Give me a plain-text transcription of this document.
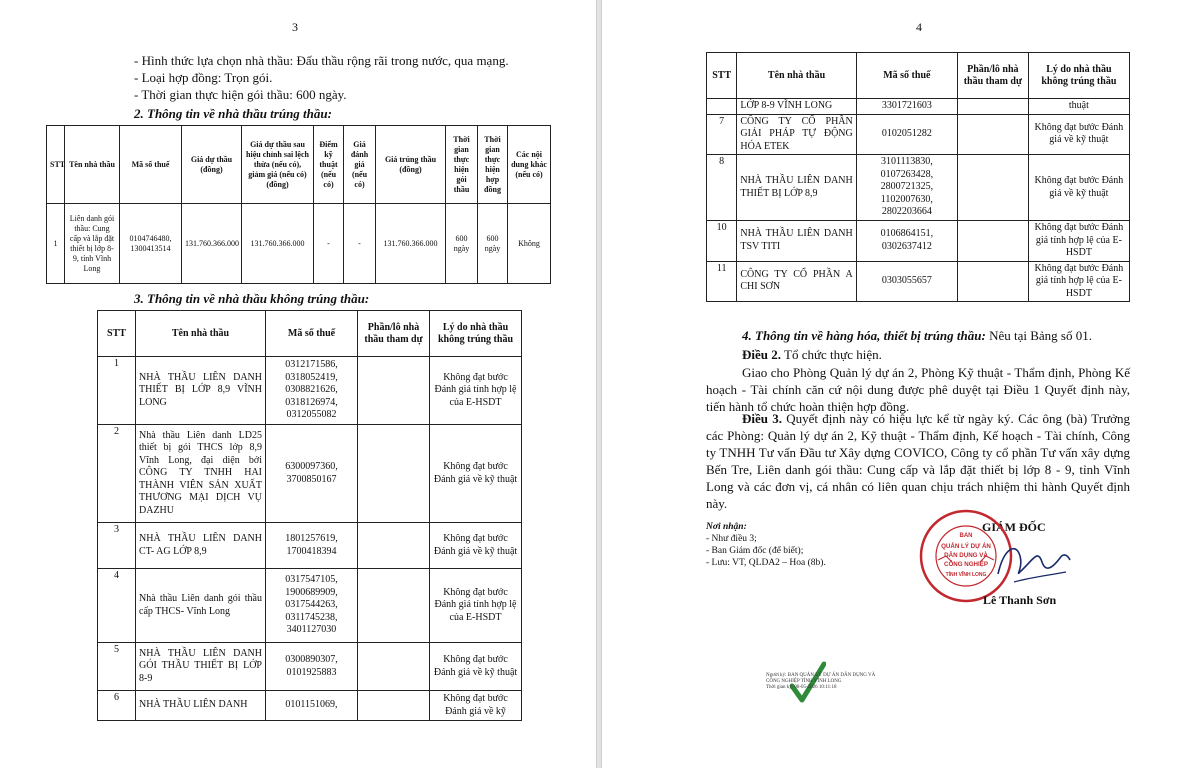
3
- Hình thức lựa chọn nhà thầu: Đấu thầu rộng rãi trong nước, qua mạng.
- Loại hợp đồng: Trọn gói.
- Thời gian thực hiện gói thầu: 600 ngày.
2. Thông tin về nhà thầu trúng thầu:
STT	Tên nhà thầu	Mã số thuế	Giá dự thầu (đồng)	Giá dự thầu sau hiệu chỉnh sai lệch thừa (nếu có), giảm giá (nếu có) (đồng)	Điểm kỹ thuật (nếu có)	Giá đánh giá (nếu có)	Giá trúng thầu (đồng)	Thời gian thực hiện gói thầu	Thời gian thực hiện hợp đồng	Các nội dung khác (nếu có)
1	Liên danh gói thầu: Cung cấp và lắp đặt thiết bị lớp 8- 9, tỉnh Vĩnh Long	0104746480, 1300413514	131.760.366.000	131.760.366.000	-	-	131.760.366.000	600 ngày	600 ngày	Không
3. Thông tin về nhà thầu không trúng thầu:
STT	Tên nhà thầu	Mã số thuế	Phần/lô nhà thầu tham dự	Lý do nhà thầu không trúng thầu
1	NHÀ THẦU LIÊN DANH THIẾT BỊ LỚP 8,9 VĨNH LONG	0312171586,
0318052419,
0308821626,
0318126974,
0312055082		Không đạt bước Đánh giá tính hợp lệ của E-HSDT
2	Nhà thầu Liên danh LD25 thiết bị gói THCS lớp 8,9 Vĩnh Long, đại diện bởi CÔNG TY TNHH HAI THÀNH VIÊN SẢN XUẤT THƯƠNG MẠI DỊCH VỤ DAZHU	6300097360,
3700850167		Không đạt bước Đánh giá về kỹ thuật
3	NHÀ THẦU LIÊN DANH CT- AG LỚP 8,9	1801257619,
1700418394		Không đạt bước Đánh giá về kỹ thuật
4	Nhà thầu Liên danh gói thầu cấp THCS- Vĩnh Long	0317547105,
1900689909,
0317544263,
0311745238,
3401127030		Không đạt bước Đánh giá tính hợp lệ của E-HSDT
5	NHÀ THẦU LIÊN DANH GÓI THẦU THIẾT BỊ LỚP 8-9	0300890307,
0101925883		Không đạt bước Đánh giá về kỹ thuật
6	NHÀ THẦU LIÊN DANH	0101151069,		Không đạt bước Đánh giá về kỹ
4
STT	Tên nhà thầu	Mã số thuế	Phần/lô nhà thầu tham dự	Lý do nhà thầu không trúng thầu
	LỚP 8-9 VĨNH LONG	3301721603		thuật
7	CÔNG TY CỔ PHẦN GIẢI PHÁP TỰ ĐỘNG HÓA ETEK	0102051282		Không đạt bước Đánh giá về kỹ thuật
8	NHÀ THẦU LIÊN DANH THIẾT BỊ LỚP 8,9	3101113830,
0107263428,
2800721325,
1102007630,
2802203664		Không đạt bước Đánh giá về kỹ thuật
10	NHÀ THẦU LIÊN DANH TSV TITI	0106864151,
0302637412		Không đạt bước Đánh giá tính hợp lệ của E-HSDT
11	CÔNG TY CỔ PHẦN A CHI SƠN	0303055657		Không đạt bước Đánh giá tính hợp lệ của E-HSDT
4. Thông tin về hàng hóa, thiết bị trúng thầu: Nêu tại Bảng số 01.
Điều 2. Tổ chức thực hiện.
Giao cho Phòng Quản lý dự án 2, Phòng Kỹ thuật - Thẩm định, Phòng Kế hoạch - Tài chính căn cứ nội dung được phê duyệt tại Điều 1 Quyết định này, tiến hành tổ chức hoàn thiện hợp đồng.
Điều 3. Quyết định này có hiệu lực kể từ ngày ký. Các ông (bà) Trưởng các Phòng: Quản lý dự án 2, Kỹ thuật - Thẩm định, Kế hoạch - Tài chính, Công ty TNHH Tư vấn Đầu tư Xây dựng COVICO, Công ty cổ phần Tư vấn xây dựng Bến Tre, Liên danh gói thầu: Cung cấp và lắp đặt thiết bị lớp 8 - 9, tỉnh Vĩnh Long và các đơn vị, cá nhân có liên quan chịu trách nhiệm thi hành Quyết định này.
Nơi nhận:
- Như điều 3;
- Ban Giám đốc (để biết);
- Lưu: VT, QLDA2 – Hoa (8b).
GIÁM ĐỐC
BAN
QUẢN LÝ DỰ ÁN
DÂN DỤNG VÀ
CÔNG NGHIỆP
TỈNH VĨNH LONG
Lê Thanh Sơn
Người ký: BAN QUẢN LÝ DỰ ÁN DÂN DỤNG VÀ
CÔNG NGHIỆP TỈNH VĨNH LONG
Thời gian ký: 08-05-2026 10:11:18
